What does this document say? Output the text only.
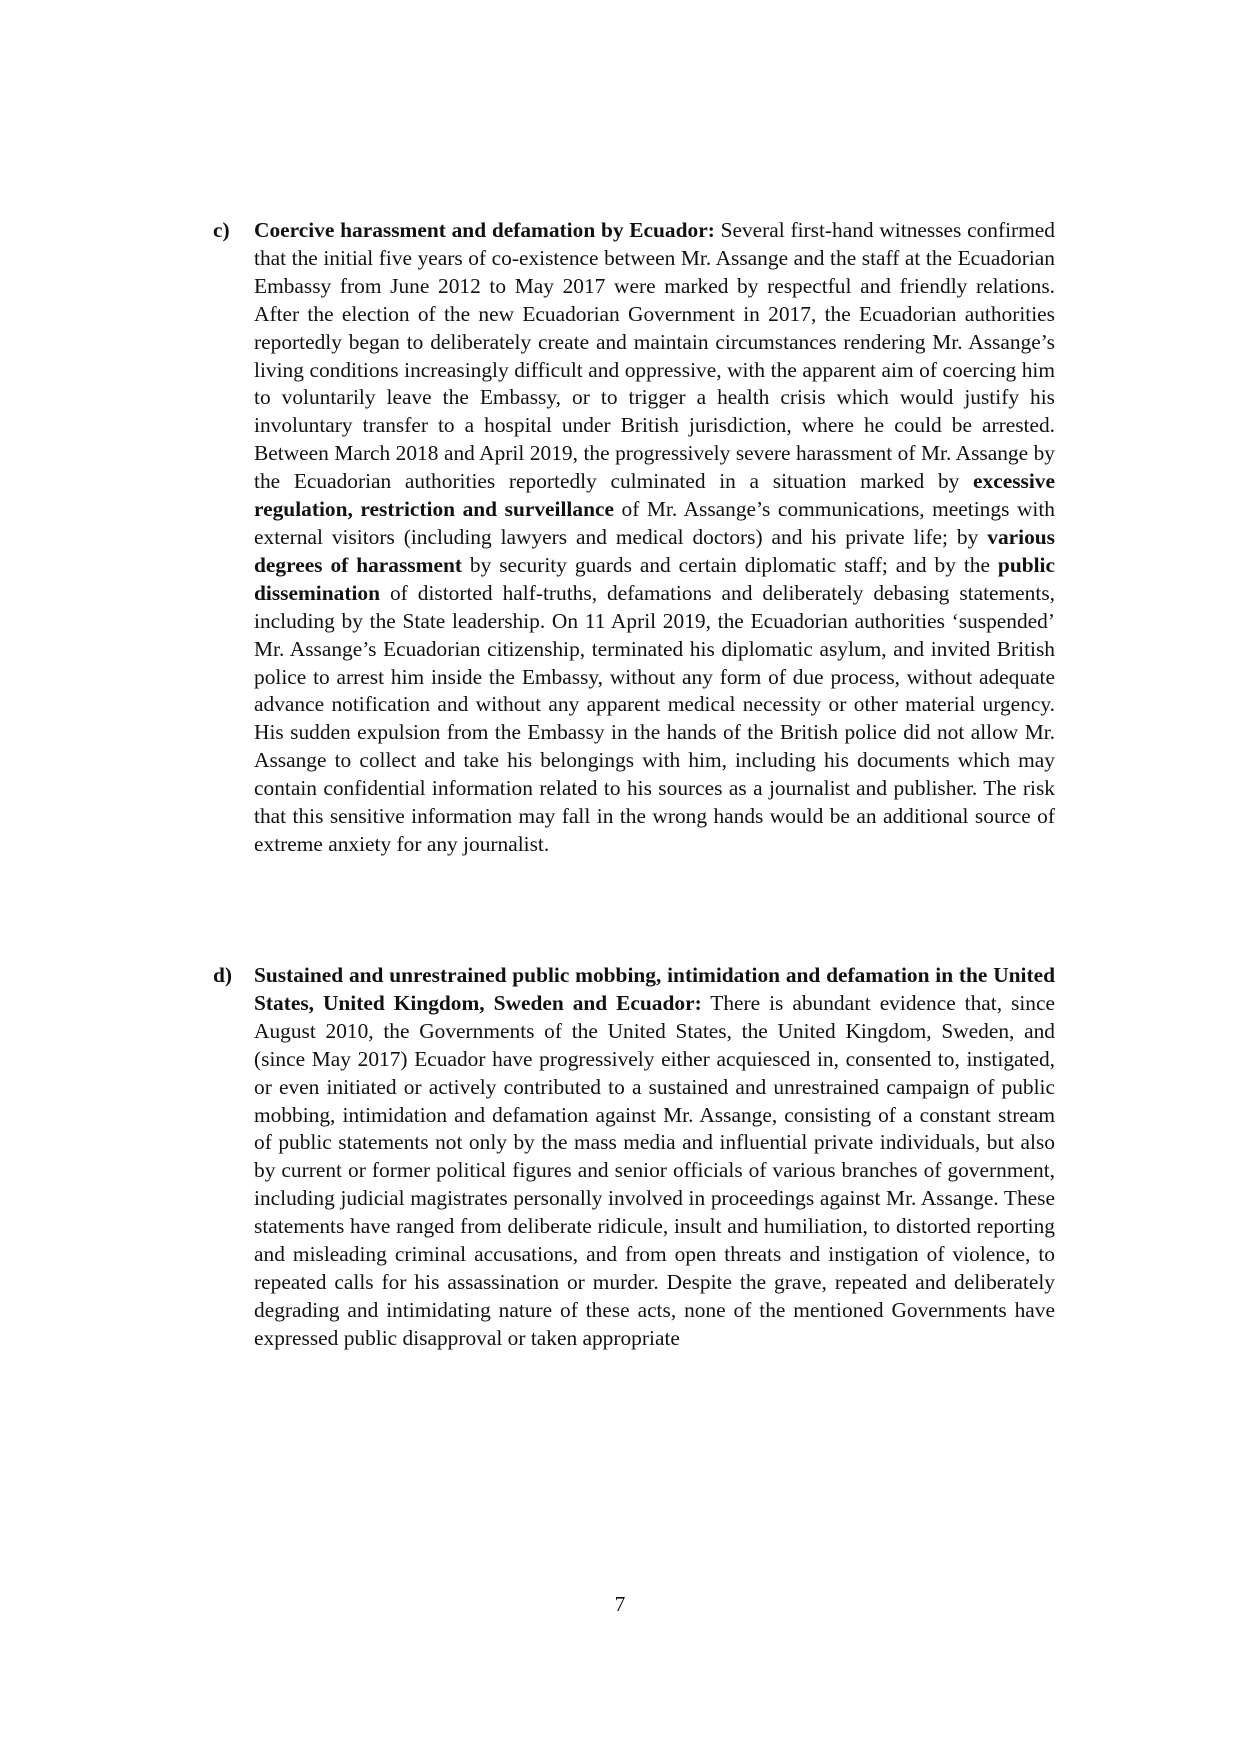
c) Coercive harassment and defamation by Ecuador: Several first-hand witnesses confirmed that the initial five years of co-existence between Mr. Assange and the staff at the Ecuadorian Embassy from June 2012 to May 2017 were marked by respectful and friendly relations. After the election of the new Ecuadorian Government in 2017, the Ecuadorian authorities reportedly began to deliberately create and maintain circumstances rendering Mr. Assange’s living conditions increasingly difficult and oppressive, with the apparent aim of coercing him to voluntarily leave the Embassy, or to trigger a health crisis which would justify his involuntary transfer to a hospital under British jurisdiction, where he could be arrested. Between March 2018 and April 2019, the progressively severe harassment of Mr. Assange by the Ecuadorian authorities reportedly culminated in a situation marked by excessive regulation, restriction and surveillance of Mr. Assange’s communications, meetings with external visitors (including lawyers and medical doctors) and his private life; by various degrees of harassment by security guards and certain diplomatic staff; and by the public dissemination of distorted half-truths, defamations and deliberately debasing statements, including by the State leadership. On 11 April 2019, the Ecuadorian authorities ‘suspended’ Mr. Assange’s Ecuadorian citizenship, terminated his diplomatic asylum, and invited British police to arrest him inside the Embassy, without any form of due process, without adequate advance notification and without any apparent medical necessity or other material urgency. His sudden expulsion from the Embassy in the hands of the British police did not allow Mr. Assange to collect and take his belongings with him, including his documents which may contain confidential information related to his sources as a journalist and publisher. The risk that this sensitive information may fall in the wrong hands would be an additional source of extreme anxiety for any journalist.
d) Sustained and unrestrained public mobbing, intimidation and defamation in the United States, United Kingdom, Sweden and Ecuador: There is abundant evidence that, since August 2010, the Governments of the United States, the United Kingdom, Sweden, and (since May 2017) Ecuador have progressively either acquiesced in, consented to, instigated, or even initiated or actively contributed to a sustained and unrestrained campaign of public mobbing, intimidation and defamation against Mr. Assange, consisting of a constant stream of public statements not only by the mass media and influential private individuals, but also by current or former political figures and senior officials of various branches of government, including judicial magistrates personally involved in proceedings against Mr. Assange. These statements have ranged from deliberate ridicule, insult and humiliation, to distorted reporting and misleading criminal accusations, and from open threats and instigation of violence, to repeated calls for his assassination or murder. Despite the grave, repeated and deliberately degrading and intimidating nature of these acts, none of the mentioned Governments have expressed public disapproval or taken appropriate
7
